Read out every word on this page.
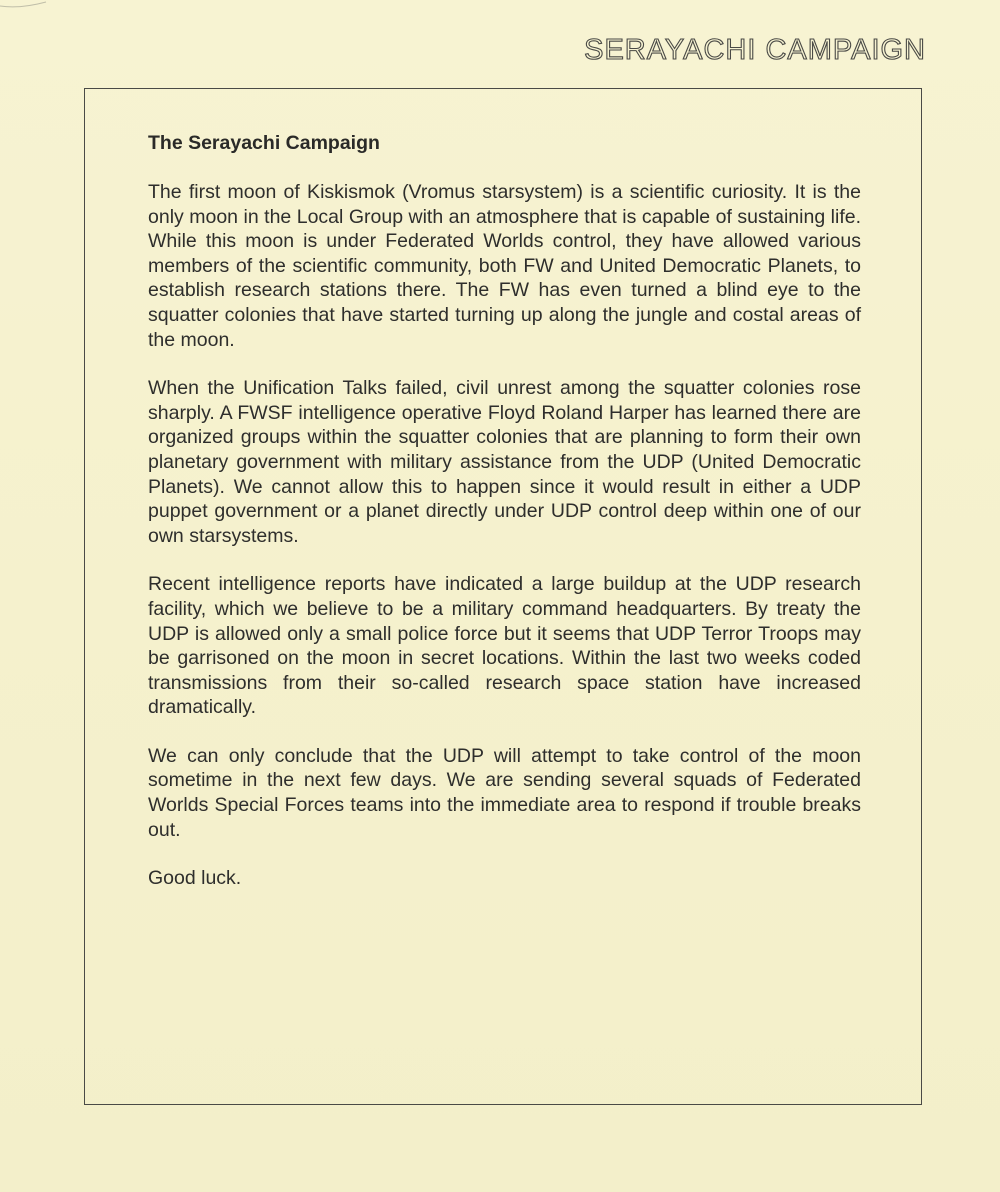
SERAYACHI CAMPAIGN
The Serayachi Campaign

The first moon of Kiskismok (Vromus starsystem) is a scientific curiosity. It is the only moon in the Local Group with an atmosphere that is capable of sustaining life. While this moon is under Federated Worlds control, they have allowed various members of the scientific community, both FW and United Democratic Planets, to establish research stations there. The FW has even turned a blind eye to the squatter colonies that have started turning up along the jungle and costal areas of the moon.

When the Unification Talks failed, civil unrest among the squatter colonies rose sharply. A FWSF intelligence operative Floyd Roland Harper has learned there are organized groups within the squatter colonies that are planning to form their own planetary government with military assistance from the UDP (United Democratic Planets). We cannot allow this to happen since it would result in either a UDP puppet government or a planet directly under UDP control deep within one of our own starsystems.

Recent intelligence reports have indicated a large buildup at the UDP research facility, which we believe to be a military command headquarters. By treaty the UDP is allowed only a small police force but it seems that UDP Terror Troops may be garrisoned on the moon in secret locations. Within the last two weeks coded transmissions from their so-called research space station have increased dramatically.

We can only conclude that the UDP will attempt to take control of the moon sometime in the next few days. We are sending several squads of Federated Worlds Special Forces teams into the immediate area to respond if trouble breaks out.

Good luck.
